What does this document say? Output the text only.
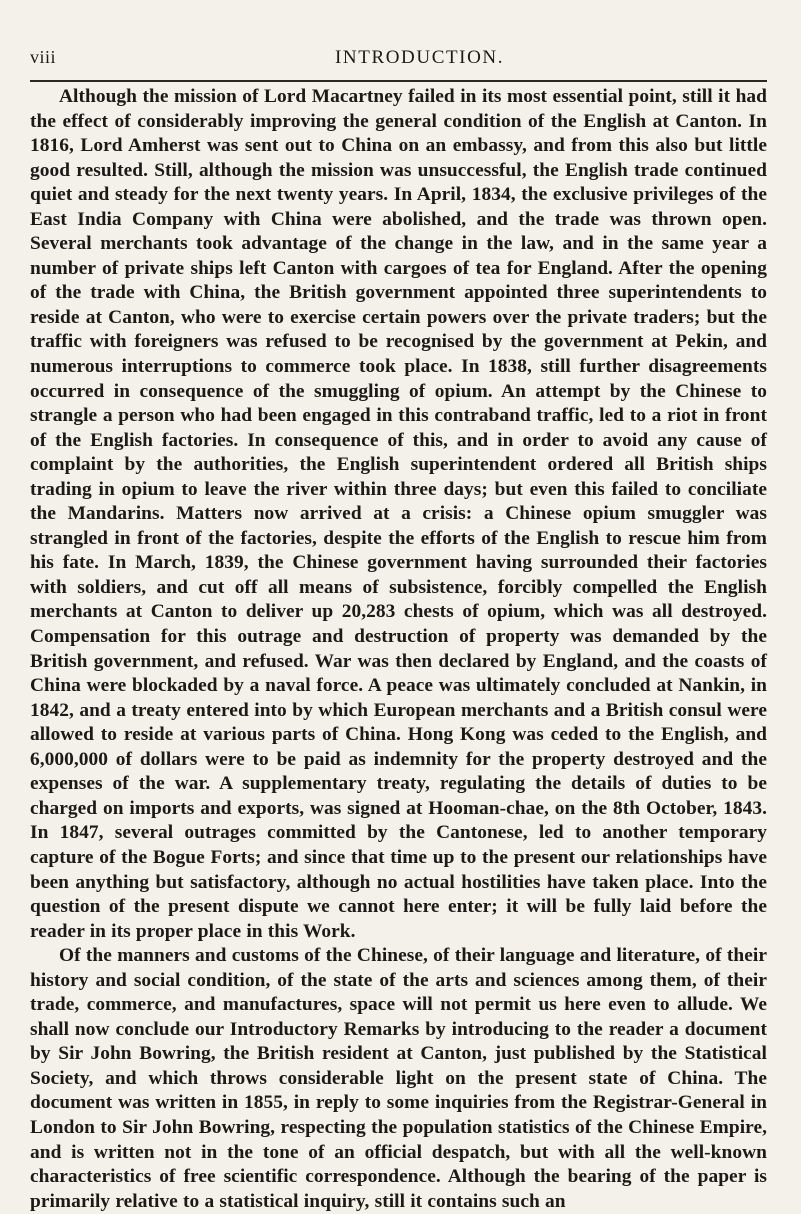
viii	INTRODUCTION.

Although the mission of Lord Macartney failed in its most essential point, still it had the effect of considerably improving the general condition of the English at Canton. In 1816, Lord Amherst was sent out to China on an embassy, and from this also but little good resulted. Still, although the mission was unsuccessful, the English trade continued quiet and steady for the next twenty years. In April, 1834, the exclusive privileges of the East India Company with China were abolished, and the trade was thrown open. Several merchants took advantage of the change in the law, and in the same year a number of private ships left Canton with cargoes of tea for England. After the opening of the trade with China, the British government appointed three superintendents to reside at Canton, who were to exercise certain powers over the private traders; but the traffic with foreigners was refused to be recognised by the government at Pekin, and numerous interruptions to commerce took place. In 1838, still further disagreements occurred in consequence of the smuggling of opium. An attempt by the Chinese to strangle a person who had been engaged in this contraband traffic, led to a riot in front of the English factories. In consequence of this, and in order to avoid any cause of complaint by the authorities, the English superintendent ordered all British ships trading in opium to leave the river within three days; but even this failed to conciliate the Mandarins. Matters now arrived at a crisis: a Chinese opium smuggler was strangled in front of the factories, despite the efforts of the English to rescue him from his fate. In March, 1839, the Chinese government having surrounded their factories with soldiers, and cut off all means of subsistence, forcibly compelled the English merchants at Canton to deliver up 20,283 chests of opium, which was all destroyed. Compensation for this outrage and destruction of property was demanded by the British government, and refused. War was then declared by England, and the coasts of China were blockaded by a naval force. A peace was ultimately concluded at Nankin, in 1842, and a treaty entered into by which European merchants and a British consul were allowed to reside at various parts of China. Hong Kong was ceded to the English, and 6,000,000 of dollars were to be paid as indemnity for the property destroyed and the expenses of the war. A supplementary treaty, regulating the details of duties to be charged on imports and exports, was signed at Hooman-chae, on the 8th October, 1843. In 1847, several outrages committed by the Cantonese, led to another temporary capture of the Bogue Forts; and since that time up to the present our relationships have been anything but satisfactory, although no actual hostilities have taken place. Into the question of the present dispute we cannot here enter; it will be fully laid before the reader in its proper place in this Work.

Of the manners and customs of the Chinese, of their language and literature, of their history and social condition, of the state of the arts and sciences among them, of their trade, commerce, and manufactures, space will not permit us here even to allude. We shall now conclude our Introductory Remarks by introducing to the reader a document by Sir John Bowring, the British resident at Canton, just published by the Statistical Society, and which throws considerable light on the present state of China. The document was written in 1855, in reply to some inquiries from the Registrar-General in London to Sir John Bowring, respecting the population statistics of the Chinese Empire, and is written not in the tone of an official despatch, but with all the well-known characteristics of free scientific correspondence. Although the bearing of the paper is primarily relative to a statistical inquiry, still it contains such an
